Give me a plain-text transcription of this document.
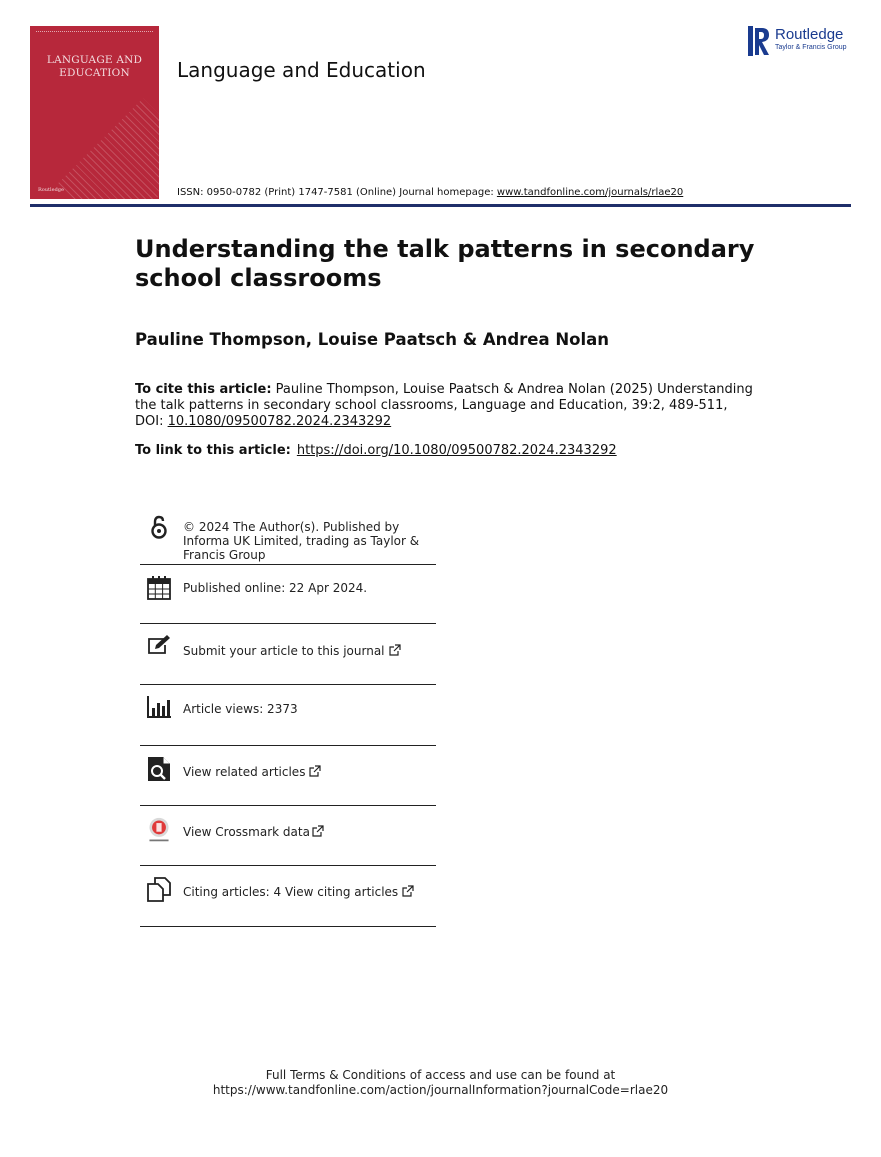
LANGUAGE AND
EDUCATION
Routledge
Language and Education
ISSN: 0950-0782 (Print) 1747-7581 (Online) Journal homepage: www.tandfonline.com/journals/rlae20
Routledge
Taylor & Francis Group
Understanding the talk patterns in secondary school classrooms
Pauline Thompson, Louise Paatsch & Andrea Nolan
To cite this article: Pauline Thompson, Louise Paatsch & Andrea Nolan (2025) Understanding the talk patterns in secondary school classrooms, Language and Education, 39:2, 489-511, DOI: 10.1080/09500782.2024.2343292
To link to this article: https://doi.org/10.1080/09500782.2024.2343292
© 2024 The Author(s). Published by Informa UK Limited, trading as Taylor & Francis Group
Published online: 22 Apr 2024.
Submit your article to this journal
Article views: 2373
View related articles
View Crossmark data
Citing articles: 4 View citing articles
Full Terms & Conditions of access and use can be found at
https://www.tandfonline.com/action/journalInformation?journalCode=rlae20
